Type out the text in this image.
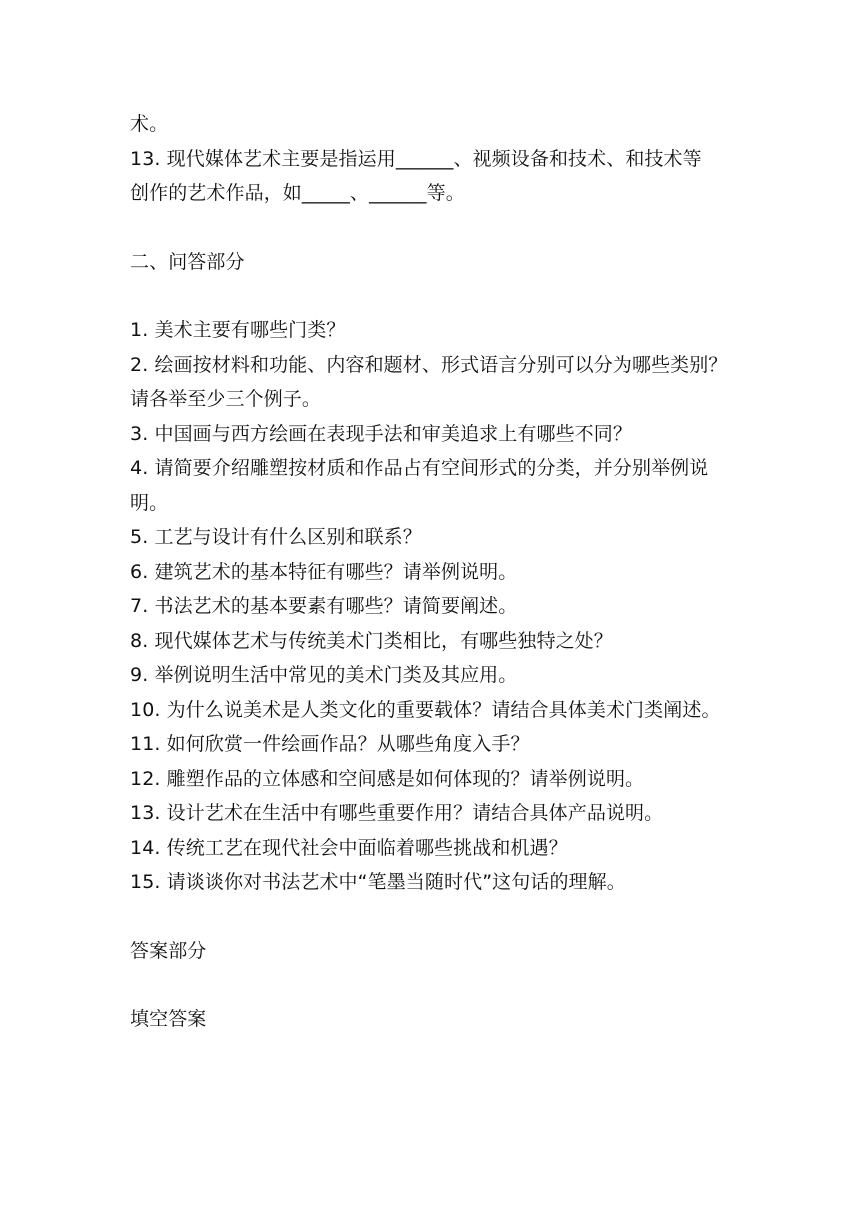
术。
13. 现代媒体艺术主要是指运用______、视频设备和技术、和技术等
创作的艺术作品，如_____、______等。
二、问答部分
1. 美术主要有哪些门类？
2. 绘画按材料和功能、内容和题材、形式语言分别可以分为哪些类别？请各举至少三个例子。
3. 中国画与西方绘画在表现手法和审美追求上有哪些不同？
4. 请简要介绍雕塑按材质和作品占有空间形式的分类，并分别举例说明。
5. 工艺与设计有什么区别和联系？
6. 建筑艺术的基本特征有哪些？请举例说明。
7. 书法艺术的基本要素有哪些？请简要阐述。
8. 现代媒体艺术与传统美术门类相比，有哪些独特之处？
9. 举例说明生活中常见的美术门类及其应用。
10. 为什么说美术是人类文化的重要载体？请结合具体美术门类阐述。
11. 如何欣赏一件绘画作品？从哪些角度入手？
12. 雕塑作品的立体感和空间感是如何体现的？请举例说明。
13. 设计艺术在生活中有哪些重要作用？请结合具体产品说明。
14. 传统工艺在现代社会中面临着哪些挑战和机遇？
15. 请谈谈你对书法艺术中“笔墨当随时代”这句话的理解。
答案部分
填空答案
